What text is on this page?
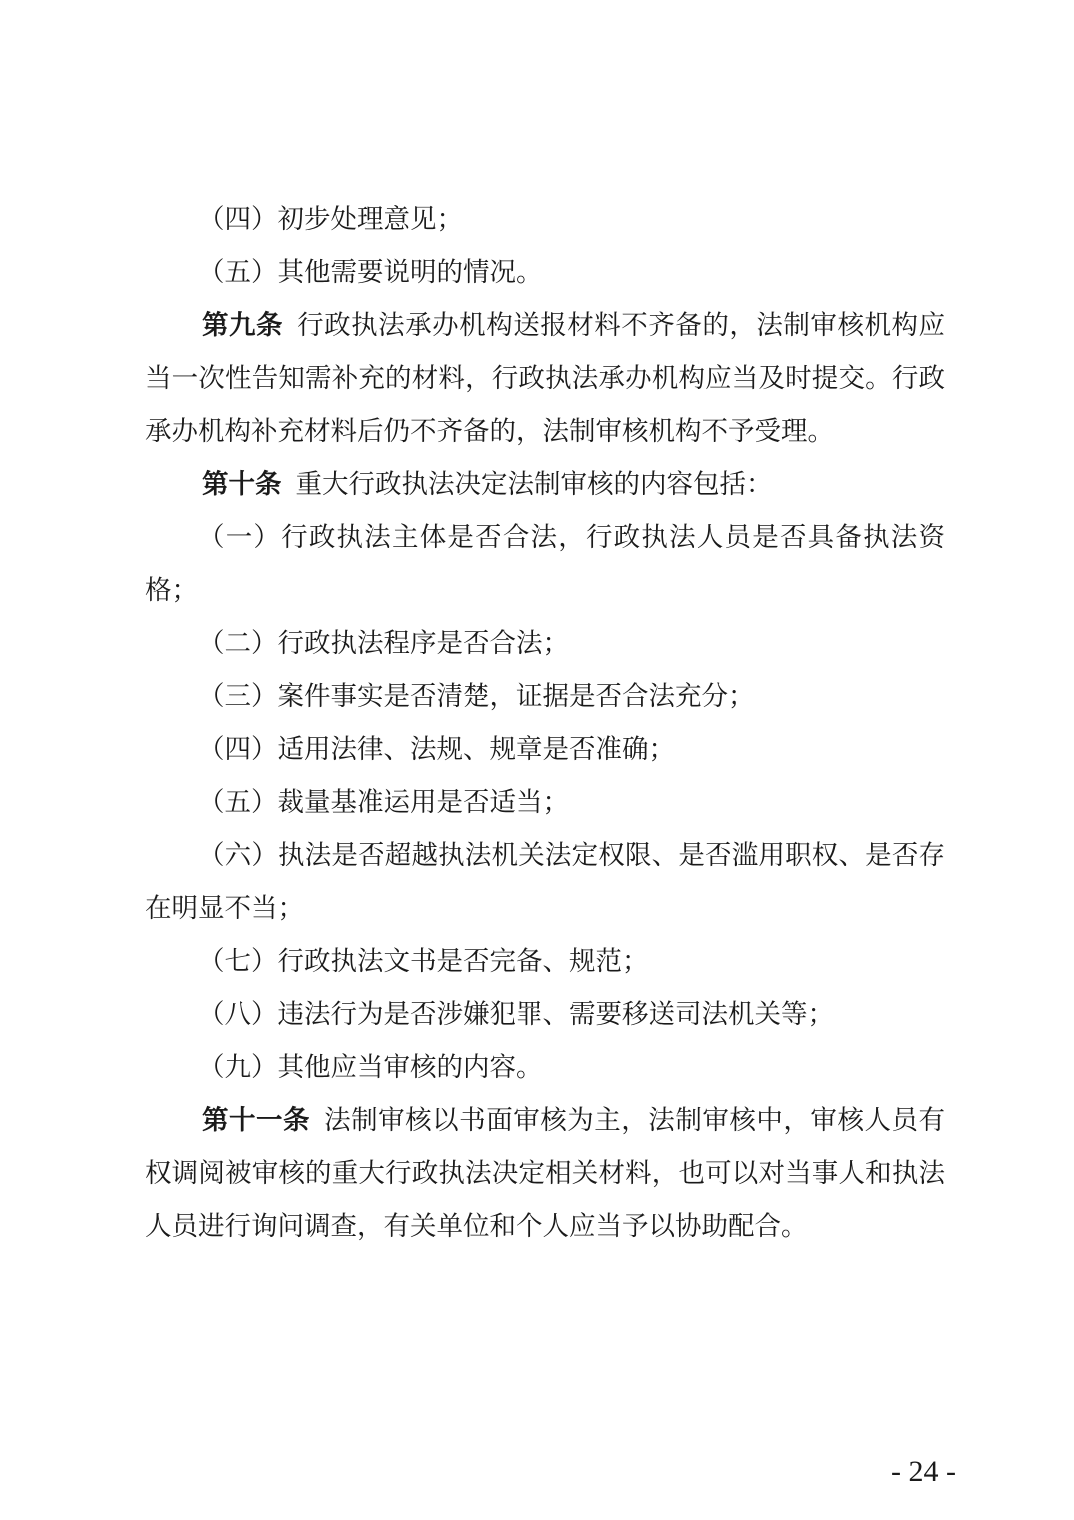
（四）初步处理意见；

（五）其他需要说明的情况。

第九条 行政执法承办机构送报材料不齐备的，法制审核机构应当一次性告知需补充的材料，行政执法承办机构应当及时提交。行政承办机构补充材料后仍不齐备的，法制审核机构不予受理。

第十条 重大行政执法决定法制审核的内容包括：

（一）行政执法主体是否合法，行政执法人员是否具备执法资格；

（二）行政执法程序是否合法；

（三）案件事实是否清楚，证据是否合法充分；

（四）适用法律、法规、规章是否准确；

（五）裁量基准运用是否适当；

（六）执法是否超越执法机关法定权限、是否滥用职权、是否存在明显不当；

（七）行政执法文书是否完备、规范；

（八）违法行为是否涉嫌犯罪、需要移送司法机关等；

（九）其他应当审核的内容。

第十一条 法制审核以书面审核为主，法制审核中，审核人员有权调阅被审核的重大行政执法决定相关材料，也可以对当事人和执法人员进行询问调查，有关单位和个人应当予以协助配合。

- 24 -
